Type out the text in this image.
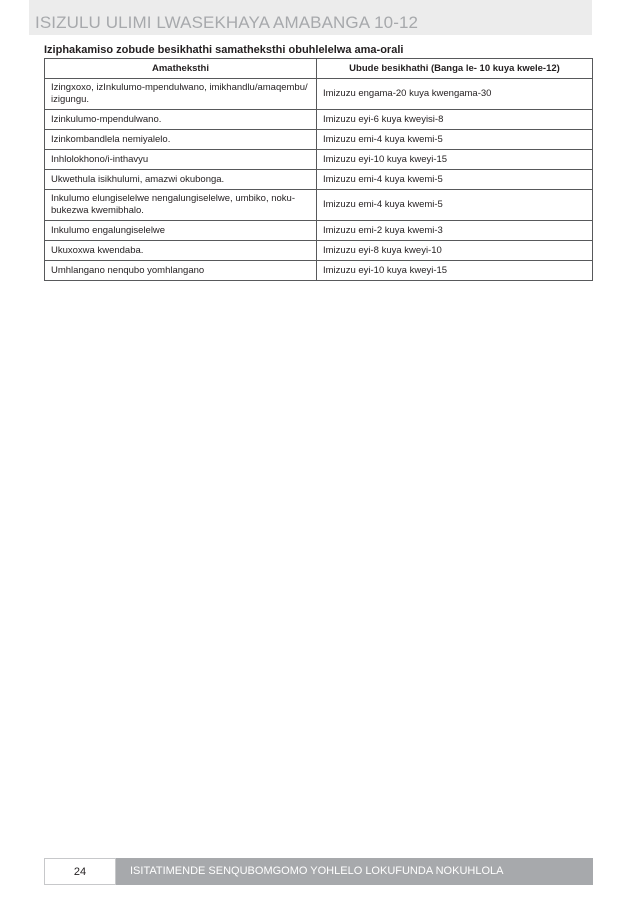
ISIZULU ULIMI LWASEKHAYA AMABANGA 10-12
Iziphakamiso zobude besikhathi samatheksthi obuhlelelwa ama-orali
Amatheksthi	Ubude besikhathi (Banga le- 10 kuya kwele-12)
Izingxoxo, izInkulumo-mpendulwano, imikhandlu/amaqembu/ izigungu.	Imizuzu engama-20 kuya kwengama-30
Izinkulumo-mpendulwano.	Imizuzu eyi-6 kuya kweyisi-8
Izinkombandlela nemiyalelo.	Imizuzu emi-4 kuya kwemi-5
Inhlolokhono/i-inthavyu	Imizuzu eyi-10 kuya kweyi-15
Ukwethula isikhulumi, amazwi okubonga.	Imizuzu emi-4 kuya kwemi-5
Inkulumo elungiselelwe nengalungiselelwe, umbiko, noku- bukezwa kwemibhalo.	Imizuzu emi-4 kuya kwemi-5
Inkulumo engalungiselelwe	Imizuzu emi-2 kuya kwemi-3
Ukuxoxwa kwendaba.	Imizuzu eyi-8 kuya kweyi-10
Umhlangano nenqubo yomhlangano	Imizuzu eyi-10 kuya kweyi-15
24	ISITATIMENDE SENQUBOMGOMO YOHLELO LOKUFUNDA NOKUHLOLA
